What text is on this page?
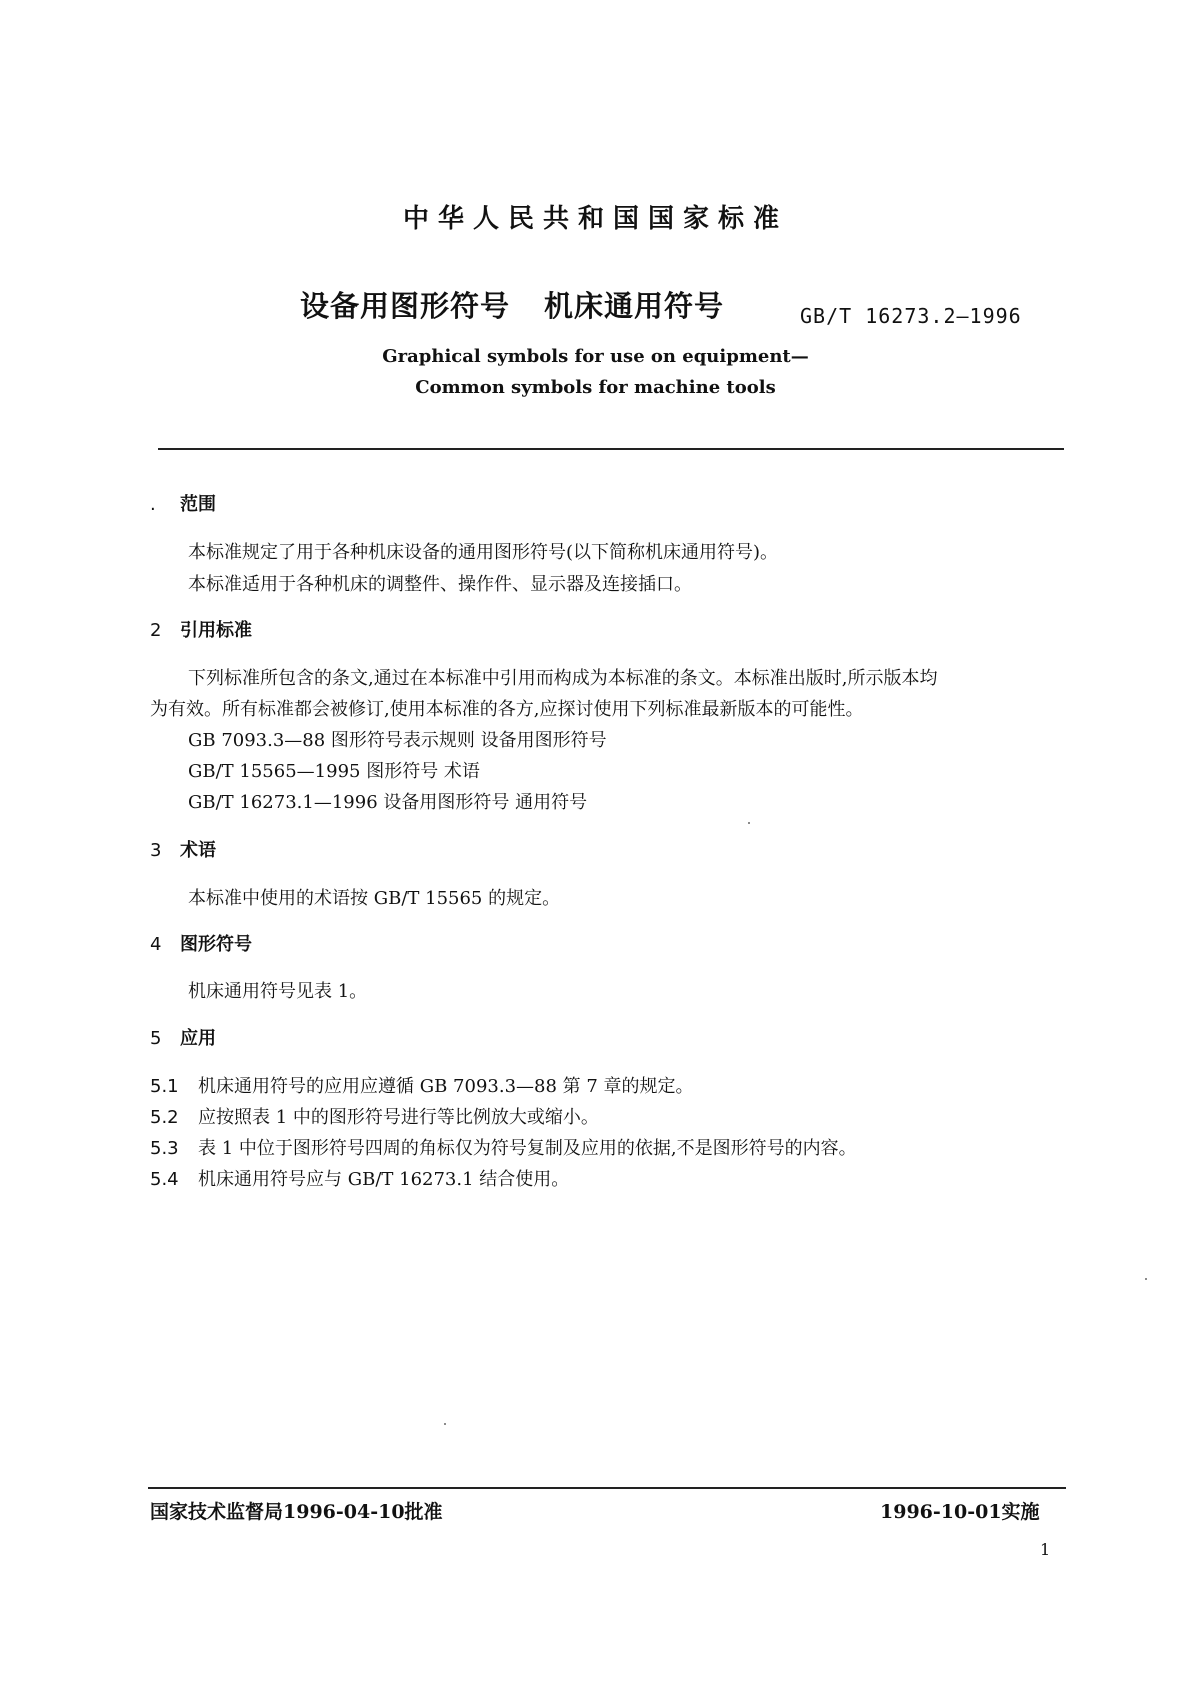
中华人民共和国国家标准
设备用图形符号 机床通用符号	GB/T 16273.2—1996
Graphical symbols for use on equipment—
Common symbols for machine tools
. 范围
本标准规定了用于各种机床设备的通用图形符号(以下简称机床通用符号)。
本标准适用于各种机床的调整件、操作件、显示器及连接插口。
2 引用标准
下列标准所包含的条文,通过在本标准中引用而构成为本标准的条文。本标准出版时,所示版本均
为有效。所有标准都会被修订,使用本标准的各方,应探讨使用下列标准最新版本的可能性。
GB 7093.3—88 图形符号表示规则 设备用图形符号
GB/T 15565—1995 图形符号 术语
GB/T 16273.1—1996 设备用图形符号 通用符号
3 术语
本标准中使用的术语按 GB/T 15565 的规定。
4 图形符号
机床通用符号见表 1。
5 应用
5.1 机床通用符号的应用应遵循 GB 7093.3—88 第 7 章的规定。
5.2 应按照表 1 中的图形符号进行等比例放大或缩小。
5.3 表 1 中位于图形符号四周的角标仅为符号复制及应用的依据,不是图形符号的内容。
5.4 机床通用符号应与 GB/T 16273.1 结合使用。
国家技术监督局1996-04-10批准	1996-10-01实施
1
